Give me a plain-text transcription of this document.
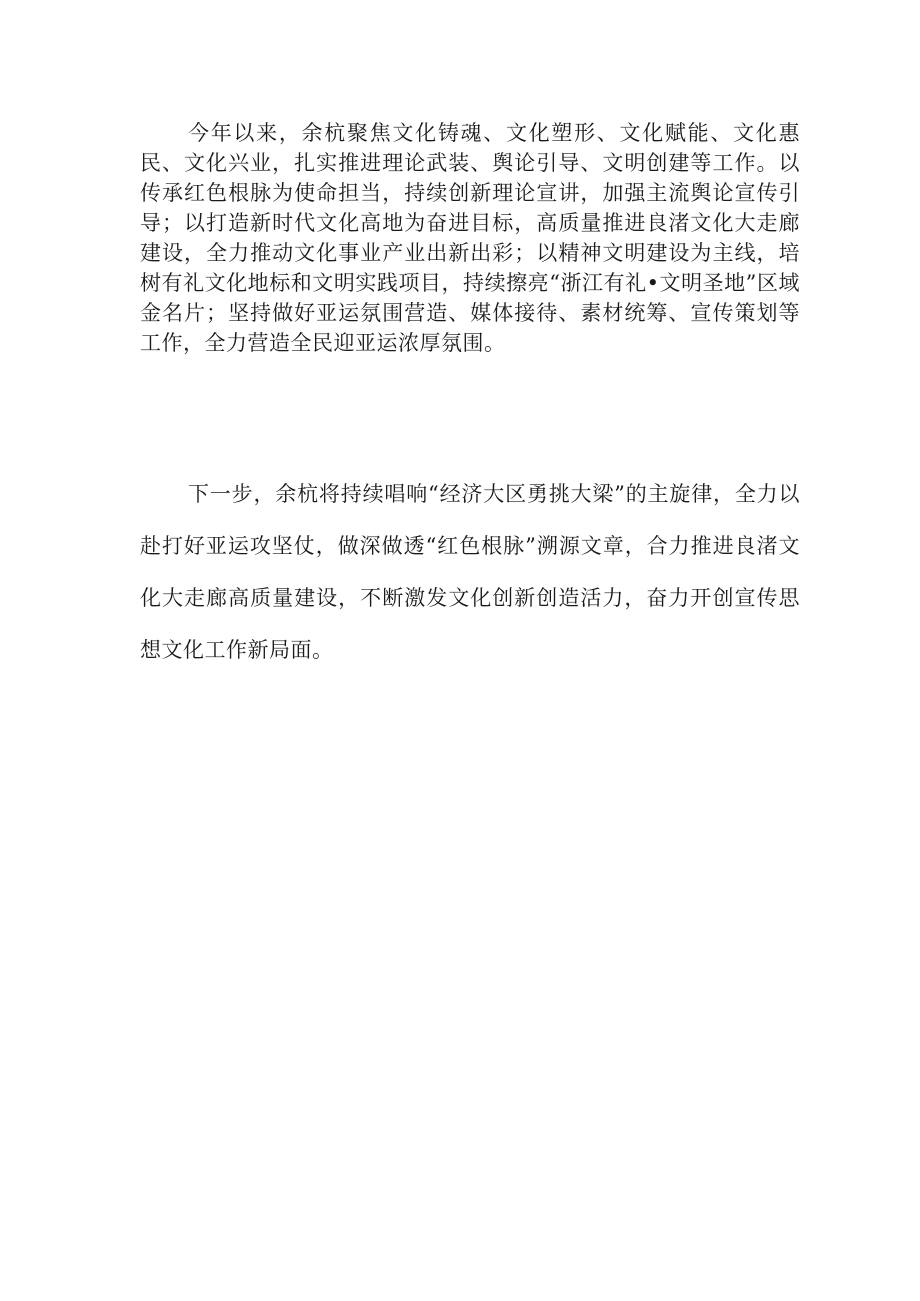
今年以来，余杭聚焦文化铸魂、文化塑形、文化赋能、文化惠民、文化兴业，扎实推进理论武装、舆论引导、文明创建等工作。以传承红色根脉为使命担当，持续创新理论宣讲，加强主流舆论宣传引导；以打造新时代文化高地为奋进目标，高质量推进良渚文化大走廊建设，全力推动文化事业产业出新出彩；以精神文明建设为主线，培树有礼文化地标和文明实践项目，持续擦亮“浙江有礼•文明圣地”区域金名片；坚持做好亚运氛围营造、媒体接待、素材统筹、宣传策划等工作，全力营造全民迎亚运浓厚氛围。

下一步，余杭将持续唱响“经济大区勇挑大梁”的主旋律，全力以赴打好亚运攻坚仗，做深做透“红色根脉”溯源文章，合力推进良渚文化大走廊高质量建设，不断激发文化创新创造活力，奋力开创宣传思想文化工作新局面。
